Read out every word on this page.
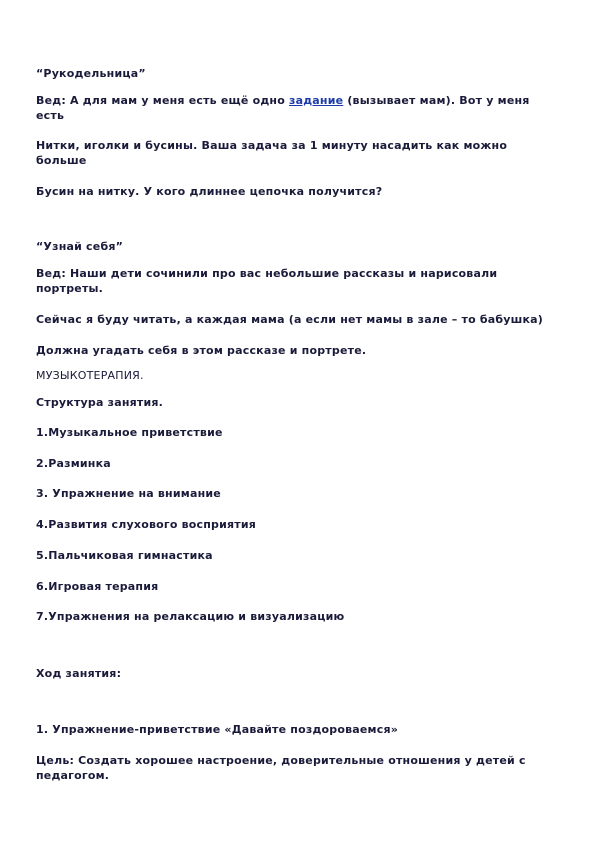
“Рукодельница”

Вед: А для мам у меня есть ещё одно задание (вызывает мам). Вот у меня есть

Нитки, иголки и бусины. Ваша задача за 1 минуту насадить как можно больше

Бусин на нитку. У кого длиннее цепочка получится?

“Узнай себя”

Вед: Наши дети сочинили про вас небольшие рассказы и нарисовали портреты.

Сейчас я буду читать, а каждая мама (а если нет мамы в зале – то бабушка)

Должна угадать себя в этом рассказе и портрете.

МУЗЫКОТЕРАПИЯ.

Структура занятия.

1.Музыкальное приветствие

2.Разминка

3. Упражнение на внимание

4.Развития слухового восприятия

5.Пальчиковая гимнастика

6.Игровая терапия

7.Упражнения на релаксацию и визуализацию

Ход занятия:

1. Упражнение-приветствие «Давайте поздороваемся»

Цель: Создать хорошее настроение, доверительные отношения у детей с педагогом.
